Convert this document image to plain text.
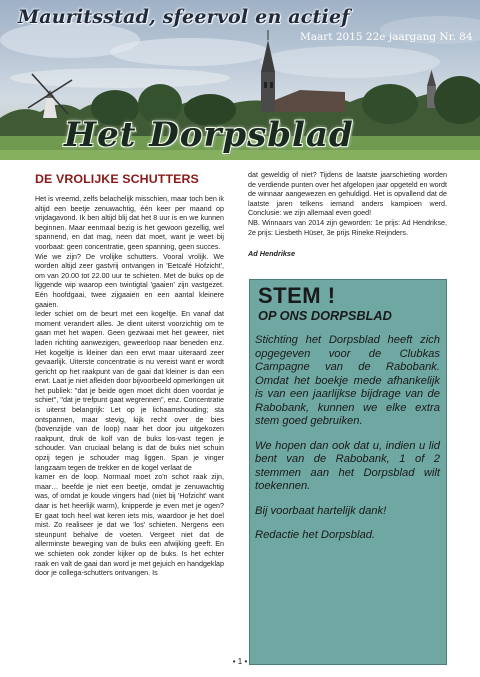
Mauritsstad, sfeervol en actief
Maart 2015 22e jaargang Nr. 84
Het Dorpsblad
DE VROLIJKE SCHUTTERS

Het is vreemd, zelfs belachelijk misschien, maar toch ben ik altijd een beetje zenuwachtig, één keer per maand op vrijdagavond. Ik ben altijd blij dat het 8 uur is en we kunnen beginnen. Maar eenmaal bezig is het gewoon gezellig, wel spannend, en dat mag, neen dat moet, want je weet bij voorbaat: geen concentratie, geen spanning, geen succes.

Wie we zijn? De vrolijke schutters. Vooral vrolijk. We worden altijd zeer gastvrij ontvangen in 'Eetcafé Hofzicht', om van 20.00 tot 22.00 uur te schieten. Met de buks op de liggende wip waarop een twintigtal 'gaaien' zijn vastgezet. Eén hoofdgaai, twee zijgaaien en een aantal kleinere gaaien.

Ieder schiet om de beurt met een kogeltje. En vanaf dat moment verandert alles. Je dient uiterst voorzichtig om te gaan met het wapen. Geen gezwaai met het geweer, niet laden richting aanwezigen, geweerloop naar beneden enz. Het kogeltje is kleiner dan een erwt maar uiteraard zeer gevaarlijk. Uiterste concentratie is nu vereist want er wordt gericht op het raakpunt van de gaai dat kleiner is dan een erwt. Laat je niet afleiden door bijvoorbeeld opmerkingen uit het publiek: "dat je beide ogen moet dicht doen voordat je schiet", "dat je trefpunt gaat wegrennen", enz. Concentratie is uiterst belangrijk: Let op je lichaamshouding; sta ontspannen, maar stevig, kijk recht over de bies (bovenzijde van de loop) naar het door jou uitgekozen raakpunt, druk de kolf van de buks los-vast tegen je schouder. Van cruciaal belang is dat de buks niet schuin opzij tegen je schouder mag liggen. Span je vinger langzaam tegen de trekker en de kogel verlaat de

kamer en de loop. Normaal moet zo'n schot raak zijn, maar… beefde je niet een beetje, omdat je zenuwachtig was, of omdat je koude vingers had (niet bij 'Hofzicht' want daar is het heerlijk warm), knipperde je even met je ogen? Er gaat toch heel wat keren iets mis, waardoor je het doel mist. Zo realiseer je dat we 'los' schieten. Nergens een steunpunt behalve de voeten. Vergeet niet dat de allerminste beweging van de buks een afwijking geeft. En we schieten ook zonder kijker op de buks. Is het echter raak en valt de gaai dan word je met gejuich en handgeklap door je collega-schutters ontvangen. Is

dat geweldig of niet? Tijdens de laatste jaarschieting worden de verdiende punten over het afgelopen jaar opgeteld en wordt de winnaar aangewezen en gehuldigd. Het is opvallend dat de laatste jaren telkens iemand anders kampioen werd. Conclusie: we zijn allemaal even goed!

NB. Winnaars van 2014 zijn geworden: 1e prijs: Ad Hendrikse, 2e prijs: Liesbeth Hüser, 3e prijs Rineke Reijnders.

Ad Hendrikse

STEM !
OP ONS DORPSBLAD

Stichting het Dorpsblad heeft zich opgegeven voor de Clubkas Campagne van de Rabobank. Omdat het boekje mede afhankelijk is van een jaarlijkse bijdrage van de Rabobank, kunnen we elke extra stem goed gebruiken.

We hopen dan ook dat u, indien u lid bent van de Rabobank, 1 of 2 stemmen aan het Dorpsblad wilt toekennen.

Bij voorbaat hartelijk dank!

Redactie het Dorpsblad.

• 1 •
